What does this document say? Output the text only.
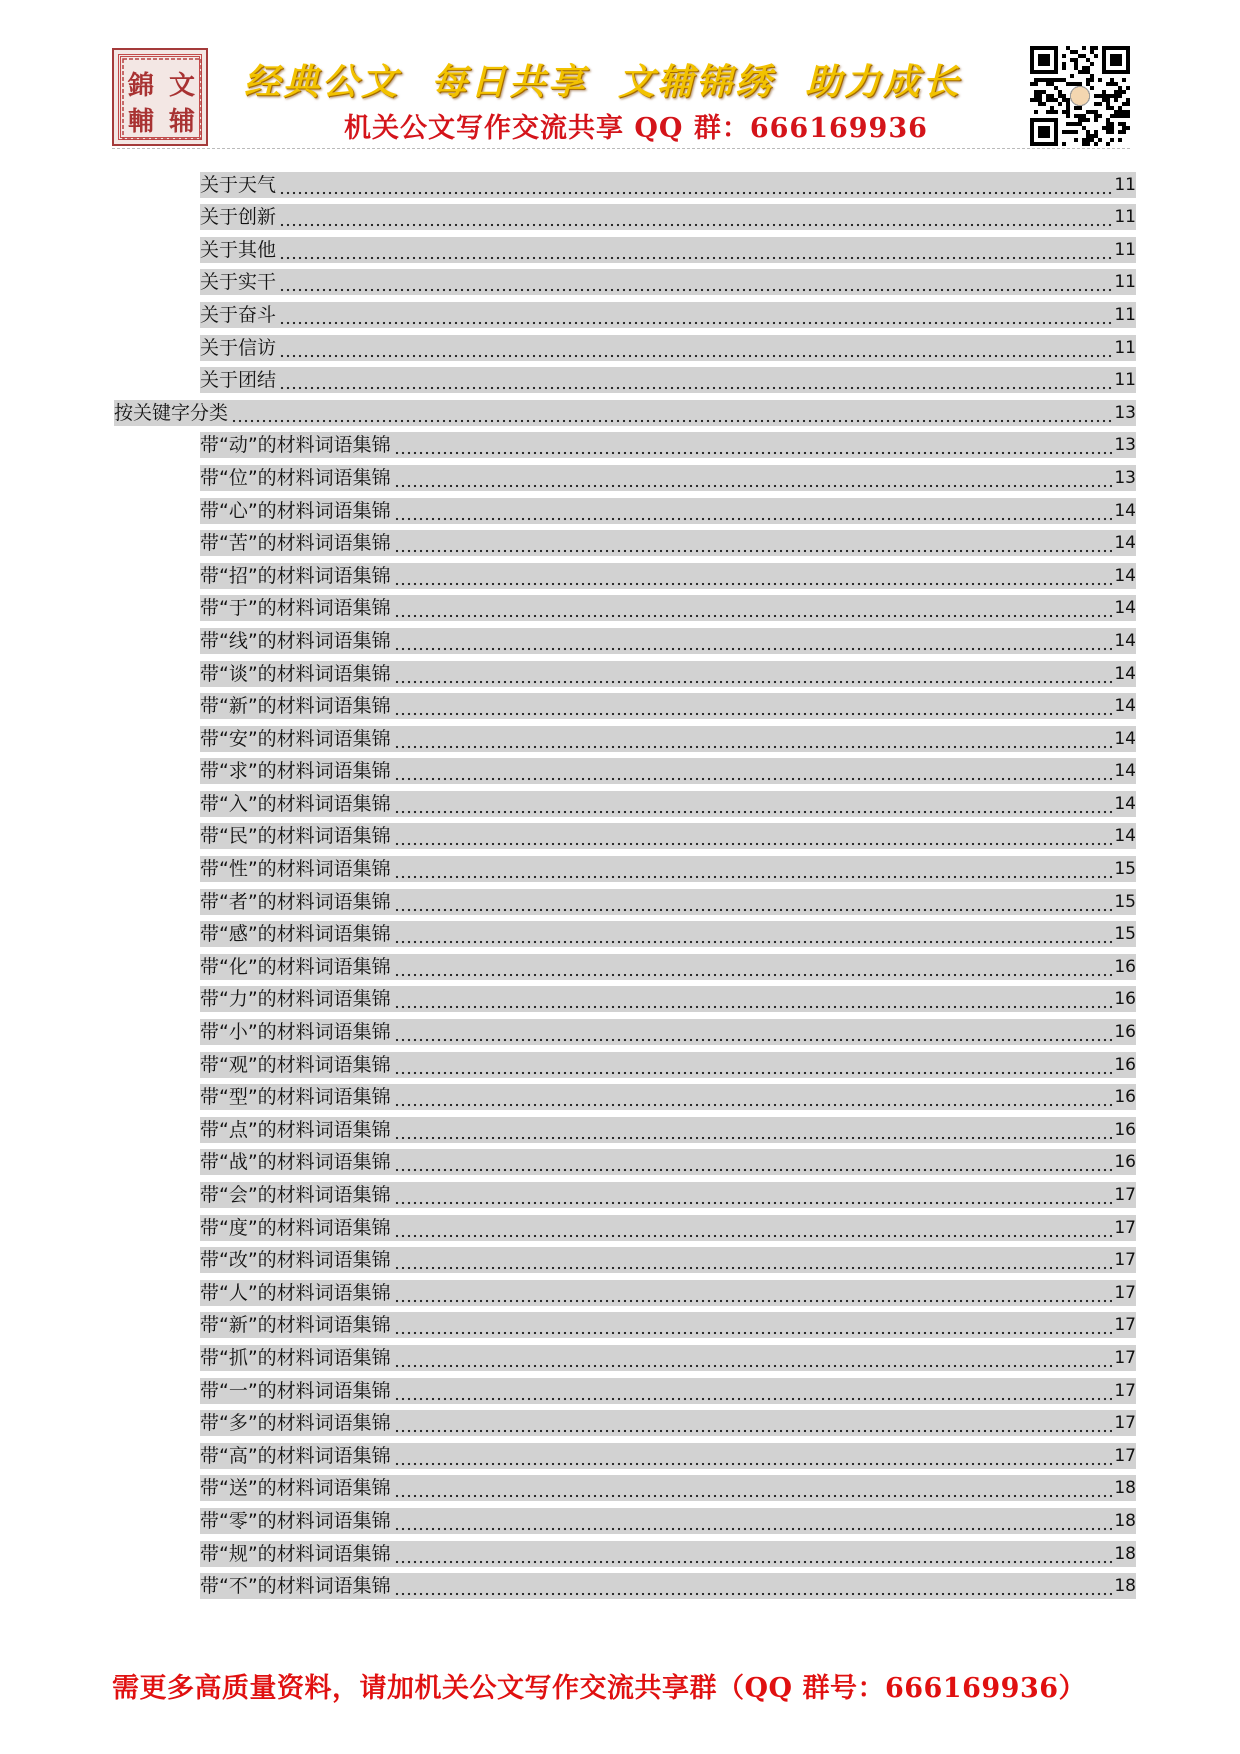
錦 文
輔 辅
经典公文  每日共享  文辅锦绣  助力成长
机关公文写作交流共享 QQ 群：666169936
关于天气	11
关于创新	11
关于其他	11
关于实干	11
关于奋斗	11
关于信访	11
关于团结	11
按关键字分类	13
带“动”的材料词语集锦	13
带“位”的材料词语集锦	13
带“心”的材料词语集锦	14
带“苦”的材料词语集锦	14
带“招”的材料词语集锦	14
带“于”的材料词语集锦	14
带“线”的材料词语集锦	14
带“谈”的材料词语集锦	14
带“新”的材料词语集锦	14
带“安”的材料词语集锦	14
带“求”的材料词语集锦	14
带“入”的材料词语集锦	14
带“民”的材料词语集锦	14
带“性”的材料词语集锦	15
带“者”的材料词语集锦	15
带“感”的材料词语集锦	15
带“化”的材料词语集锦	16
带“力”的材料词语集锦	16
带“小”的材料词语集锦	16
带“观”的材料词语集锦	16
带“型”的材料词语集锦	16
带“点”的材料词语集锦	16
带“战”的材料词语集锦	16
带“会”的材料词语集锦	17
带“度”的材料词语集锦	17
带“改”的材料词语集锦	17
带“人”的材料词语集锦	17
带“新”的材料词语集锦	17
带“抓”的材料词语集锦	17
带“一”的材料词语集锦	17
带“多”的材料词语集锦	17
带“高”的材料词语集锦	17
带“送”的材料词语集锦	18
带“零”的材料词语集锦	18
带“规”的材料词语集锦	18
带“不”的材料词语集锦	18
需更多高质量资料，请加机关公文写作交流共享群（QQ 群号：666169936）
